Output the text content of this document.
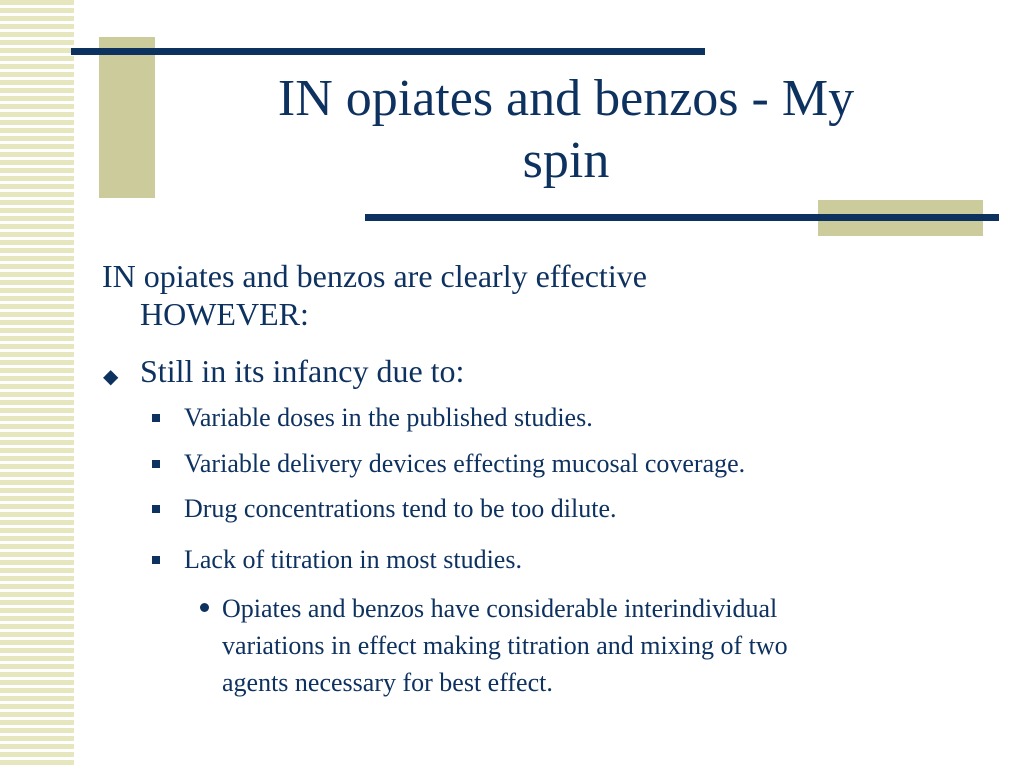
IN opiates and benzos - My
spin
IN opiates and benzos are clearly effective
HOWEVER:
◆ Still in its infancy due to:
Variable doses in the published studies.
Variable delivery devices effecting mucosal coverage.
Drug concentrations tend to be too dilute.
Lack of titration in most studies.
Opiates and benzos have considerable interindividual
variations in effect making titration and mixing of two
agents necessary for best effect.
